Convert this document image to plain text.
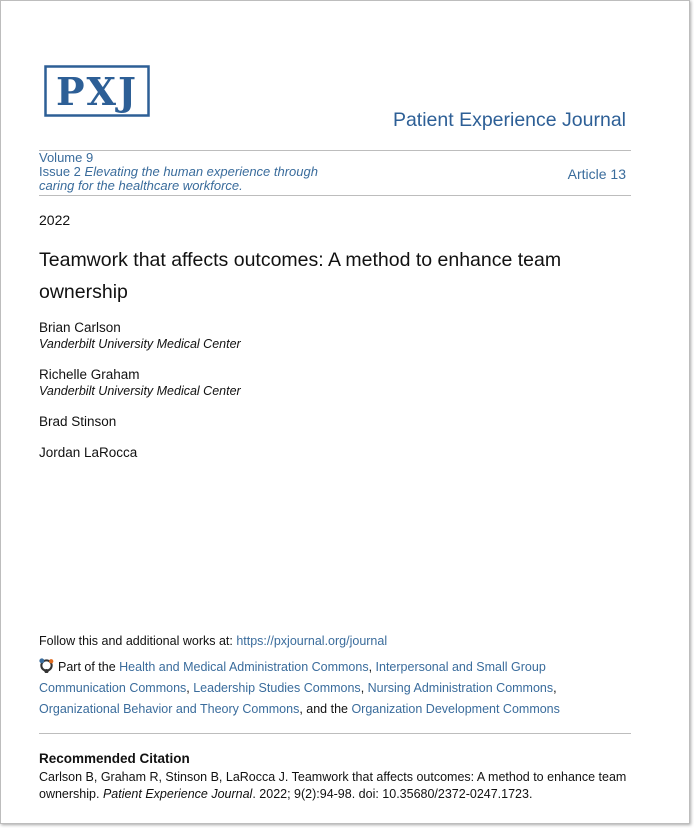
PXJ
Patient Experience Journal
Volume 9
Issue 2 Elevating the human experience through
caring for the healthcare workforce.
Article 13
2022
Teamwork that affects outcomes: A method to enhance team ownership
Brian Carlson
Vanderbilt University Medical Center
Richelle Graham
Vanderbilt University Medical Center
Brad Stinson
Jordan LaRocca
Follow this and additional works at: https://pxjournal.org/journal
Part of the Health and Medical Administration Commons, Interpersonal and Small Group Communication Commons, Leadership Studies Commons, Nursing Administration Commons, Organizational Behavior and Theory Commons, and the Organization Development Commons
Recommended Citation
Carlson B, Graham R, Stinson B, LaRocca J. Teamwork that affects outcomes: A method to enhance team ownership. Patient Experience Journal. 2022; 9(2):94-98. doi: 10.35680/2372-0247.1723.
